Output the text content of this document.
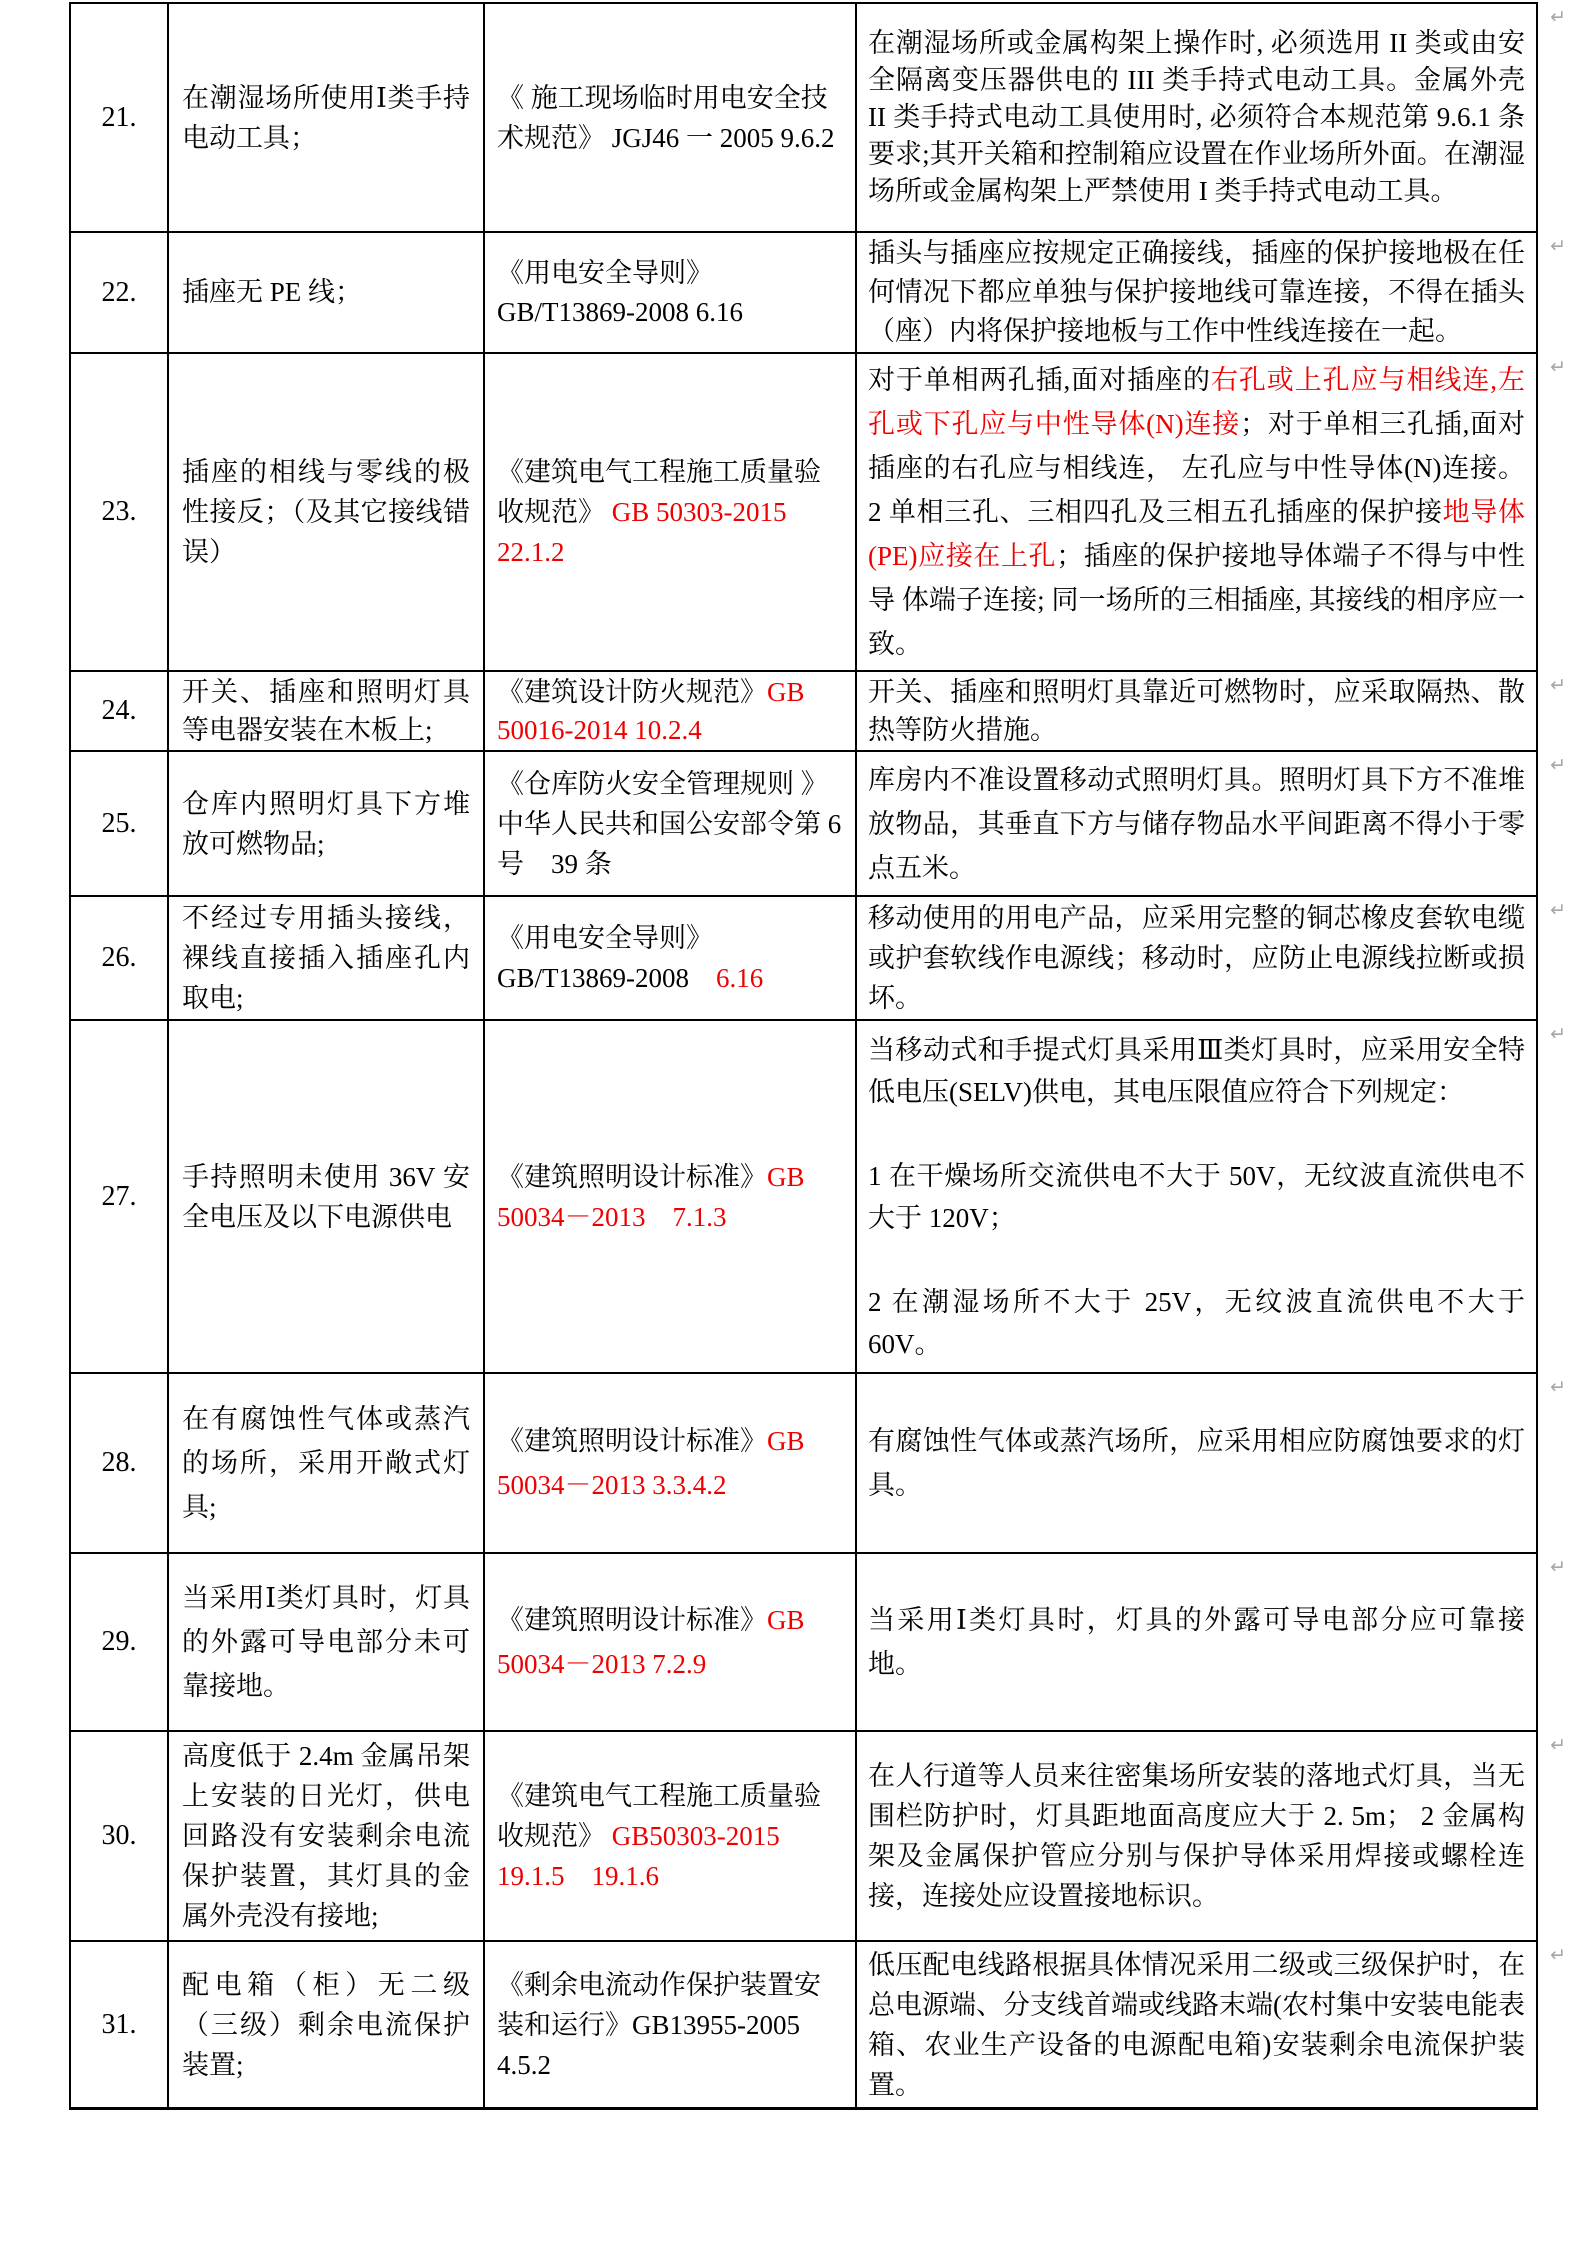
21.
在潮湿场所使用Ⅰ类手持电动工具；
《 施工现场临时用电安全技术规范》 JGJ46 一 2005 9.6.2
在潮湿场所或金属构架上操作时, 必须选用 II 类或由安全隔离变压器供电的 III 类手持式电动工具。金属外壳 II 类手持式电动工具使用时, 必须符合本规范第 9.6.1 条要求;其开关箱和控制箱应设置在作业场所外面。在潮湿场所或金属构架上严禁使用 I 类手持式电动工具。
↵
22.	插座无 PE 线；
《用电安全导则》 GB/T13869-2008 6.16
插头与插座应按规定正确接线，插座的保护接地极在任何情况下都应单独与保护接地线可靠连接，不得在插头（座）内将保护接地板与工作中性线连接在一起。
↵
23.
插座的相线与零线的极性接反；（及其它接线错误）
《建筑电气工程施工质量验收规范》 GB 50303-2015 22.1.2
对于单相两孔插,面对插座的右孔或上孔应与相线连,左孔或下孔应与中性导体(N)连接；对于单相三孔插,面对插座的右孔应与相线连， 左孔应与中性导体(N)连接。 2 单相三孔、三相四孔及三相五孔插座的保护接地导体(PE)应接在上孔；插座的保护接地导体端子不得与中性导 体端子连接; 同一场所的三相插座, 其接线的相序应一致。
↵
24.
开关、插座和照明灯具等电器安装在木板上;
《建筑设计防火规范》GB 50016-2014 10.2.4
开关、插座和照明灯具靠近可燃物时，应采取隔热、散热等防火措施。
↵
25.
仓库内照明灯具下方堆放可燃物品;
《仓库防火安全管理规则 》中华人民共和国公安部令第 6 号　39 条
库房内不准设置移动式照明灯具。照明灯具下方不准堆放物品，其垂直下方与储存物品水平间距离不得小于零点五米。
↵
26.
不经过专用插头接线，裸线直接插入插座孔内取电;
《用电安全导则》 GB/T13869-2008　6.16
移动使用的用电产品，应采用完整的铜芯橡皮套软电缆或护套软线作电源线；移动时，应防止电源线拉断或损坏。
↵
27.
手持照明未使用 36V 安全电压及以下电源供电
《建筑照明设计标准》GB 50034－2013　7.1.3
当移动式和手提式灯具采用Ⅲ类灯具时，应采用安全特低电压(SELV)供电，其电压限值应符合下列规定：

1 在干燥场所交流供电不大于 50V，无纹波直流供电不大于 120V；

2 在潮湿场所不大于 25V，无纹波直流供电不大于 60V。
↵
28.
在有腐蚀性气体或蒸汽的场所，采用开敞式灯具;
《建筑照明设计标准》GB 50034－2013 3.3.4.2
有腐蚀性气体或蒸汽场所，应采用相应防腐蚀要求的灯具。
↵
29.
当采用Ⅰ类灯具时，灯具的外露可导电部分未可靠接地。
《建筑照明设计标准》GB 50034－2013 7.2.9
当采用Ⅰ类灯具时，灯具的外露可导电部分应可靠接地。
↵
30.
高度低于 2.4m 金属吊架上安装的日光灯，供电回路没有安装剩余电流保护装置，其灯具的金属外壳没有接地;
《建筑电气工程施工质量验收规范》 GB50303-2015 19.1.5　19.1.6
在人行道等人员来往密集场所安装的落地式灯具，当无围栏防护时，灯具距地面高度应大于 2. 5m； 2 金属构架及金属保护管应分别与保护导体采用焊接或螺栓连接，连接处应设置接地标识。
↵
31.
配电箱（柜）无二级（三级）剩余电流保护装置;
《剩余电流动作保护装置安装和运行》GB13955-2005 4.5.2
低压配电线路根据具体情况采用二级或三级保护时，在总电源端、分支线首端或线路末端(农村集中安装电能表箱、农业生产设备的电源配电箱)安装剩余电流保护装置。
↵
